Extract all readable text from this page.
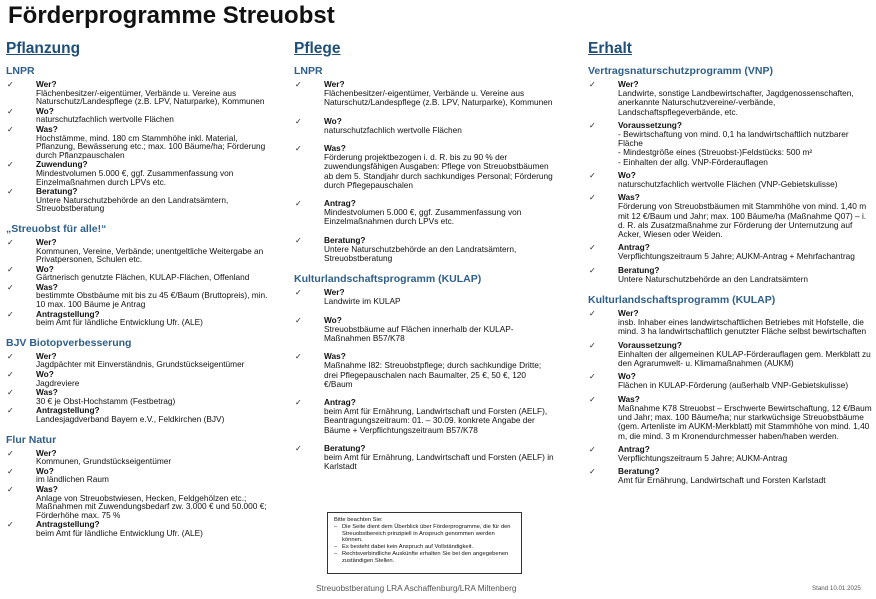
Förderprogramme Streuobst
Pflanzung
LNPR
✓	Wer?
Flächenbesitzer/-eigentümer, Verbände u. Vereine aus Naturschutz/Landespflege (z.B. LPV, Naturparke), Kommunen
✓	Wo?
naturschutzfachlich wertvolle Flächen
✓	Was?
Hochstämme, mind. 180 cm Stammhöhe inkl. Material, Pflanzung, Bewässerung etc.; max. 100 Bäume/ha; Förderung durch Pflanzpauschalen
✓	Zuwendung?
Mindestvolumen 5.000 €, ggf. Zusammenfassung von Einzelmaßnahmen durch LPVs etc.
✓	Beratung?
Untere Naturschutzbehörde an den Landratsämtern, Streuobstberatung
„Streuobst für alle!“
✓	Wer?
Kommunen, Vereine, Verbände; unentgeltliche Weitergabe an Privatpersonen, Schulen etc.
✓	Wo?
Gärtnerisch genutzte Flächen, KULAP-Flächen, Offenland
✓	Was?
bestimmte Obstbäume mit bis zu 45 €/Baum (Bruttopreis), min. 10 max. 100 Bäume je Antrag
✓	Antragstellung?
beim Amt für ländliche Entwicklung Ufr. (ALE)
BJV Biotopverbesserung
✓	Wer?
Jagdpächter mit Einverständnis, Grundstückseigentümer
✓	Wo?
Jagdreviere
✓	Was?
30 € je Obst-Hochstamm (Festbetrag)
✓	Antragstellung?
Landesjagdverband Bayern e.V., Feldkirchen (BJV)
Flur Natur
✓	Wer?
Kommunen, Grundstückseigentümer
✓	Wo?
im ländlichen Raum
✓	Was?
Anlage von Streuobstwiesen, Hecken, Feldgehölzen etc.; Maßnahmen mit Zuwendungsbedarf zw. 3.000 € und 50.000 €; Förderhöhe max. 75 %
✓	Antragstellung?
beim Amt für ländliche Entwicklung Ufr. (ALE)
Pflege
LNPR
✓	Wer?
Flächenbesitzer/-eigentümer, Verbände u. Vereine aus Naturschutz/Landespflege (z.B. LPV, Naturparke), Kommunen
✓	Wo?
naturschutzfachlich wertvolle Flächen
✓	Was?
Förderung projektbezogen i. d. R. bis zu 90 % der zuwendungsfähigen Ausgaben: Pflege von Streuobstbäumen ab dem 5. Standjahr durch sachkundiges Personal; Förderung durch Pflegepauschalen
✓	Antrag?
Mindestvolumen 5.000 €, ggf. Zusammenfassung von Einzelmaßnahmen durch LPVs etc.
✓	Beratung?
Untere Naturschutzbehörde an den Landratsämtern, Streuobstberatung
Kulturlandschaftsprogramm (KULAP)
✓	Wer?
Landwirte im KULAP
✓	Wo?
Streuobstbäume auf Flächen innerhalb der KULAP-Maßnahmen B57/K78
✓	Was?
Maßnahme I82: Streuobstpflege; durch sachkundige Dritte; drei Pflegepauschalen nach Baumalter, 25 €, 50 €, 120 €/Baum
✓	Antrag?
beim Amt für Ernährung, Landwirtschaft und Forsten (AELF), Beantragungszeitraum: 01. – 30.09. konkrete Angabe der Bäume + Verpflichtungszeitraum B57/K78
✓	Beratung?
beim Amt für Ernährung, Landwirtschaft und Forsten (AELF) in Karlstadt
Erhalt
Vertragsnaturschutzprogramm (VNP)
✓	Wer?
Landwirte, sonstige Landbewirtschafter, Jagdgenossenschaften, anerkannte Naturschutzvereine/-verbände, Landschaftspflegeverbände, etc.
✓	Voraussetzung?
- Bewirtschaftung von mind. 0,1 ha landwirtschaftlich nutzbarer Fläche
- Mindestgröße eines (Streuobst-)Feldstücks: 500 m²
- Einhalten der allg. VNP-Förderauflagen
✓	Wo?
naturschutzfachlich wertvolle Flächen (VNP-Gebietskulisse)
✓	Was?
Förderung von Streuobstbäumen mit Stammhöhe von mind. 1,40 m mit 12 €/Baum und Jahr; max. 100 Bäume/ha (Maßnahme Q07) – i. d. R. als Zusatzmaßnahme zur Förderung der Unternutzung auf Acker, Wiesen oder Weiden.
✓	Antrag?
Verpflichtungszeitraum 5 Jahre; AUKM-Antrag + Mehrfachantrag
✓	Beratung?
Untere Naturschutzbehörde an den Landratsämtern
Kulturlandschaftsprogramm (KULAP)
✓	Wer?
insb. Inhaber eines landwirtschaftlichen Betriebes mit Hofstelle, die mind. 3 ha landwirtschaftlich genutzter Fläche selbst bewirtschaften
✓	Voraussetzung?
Einhalten der allgemeinen KULAP-Förderauflagen gem. Merkblatt zu den Agrarumwelt- u. Klimamaßnahmen (AUKM)
✓	Wo?
Flächen in KULAP-Förderung (außerhalb VNP-Gebietskulisse)
✓	Was?
Maßnahme K78 Streuobst – Erschwerte Bewirtschaftung, 12 €/Baum und Jahr; max. 100 Bäume/ha; nur starkwüchsige Streuobstbäume (gem. Artenliste im AUKM-Merkblatt) mit Stammhöhe von mind. 1,40 m, die mind. 3 m Kronendurchmesser haben/haben werden.
✓	Antrag?
Verpflichtungszeitraum 5 Jahre; AUKM-Antrag
✓	Beratung?
Amt für Ernährung, Landwirtschaft und Forsten Karlstadt
Bitte beachten Sie:
– Die Seite dient dem Überblick über Förderprogramme, die für den Streuobstbereich prinzipiell in Anspruch genommen werden können.
– Es besteht dabei kein Anspruch auf Vollständigkeit.
– Rechtsverbindliche Auskünfte erhalten Sie bei den angegebenen zuständigen Stellen.
Streuobstberatung LRA Aschaffenburg/LRA Miltenberg	Stand 10.01.2025
